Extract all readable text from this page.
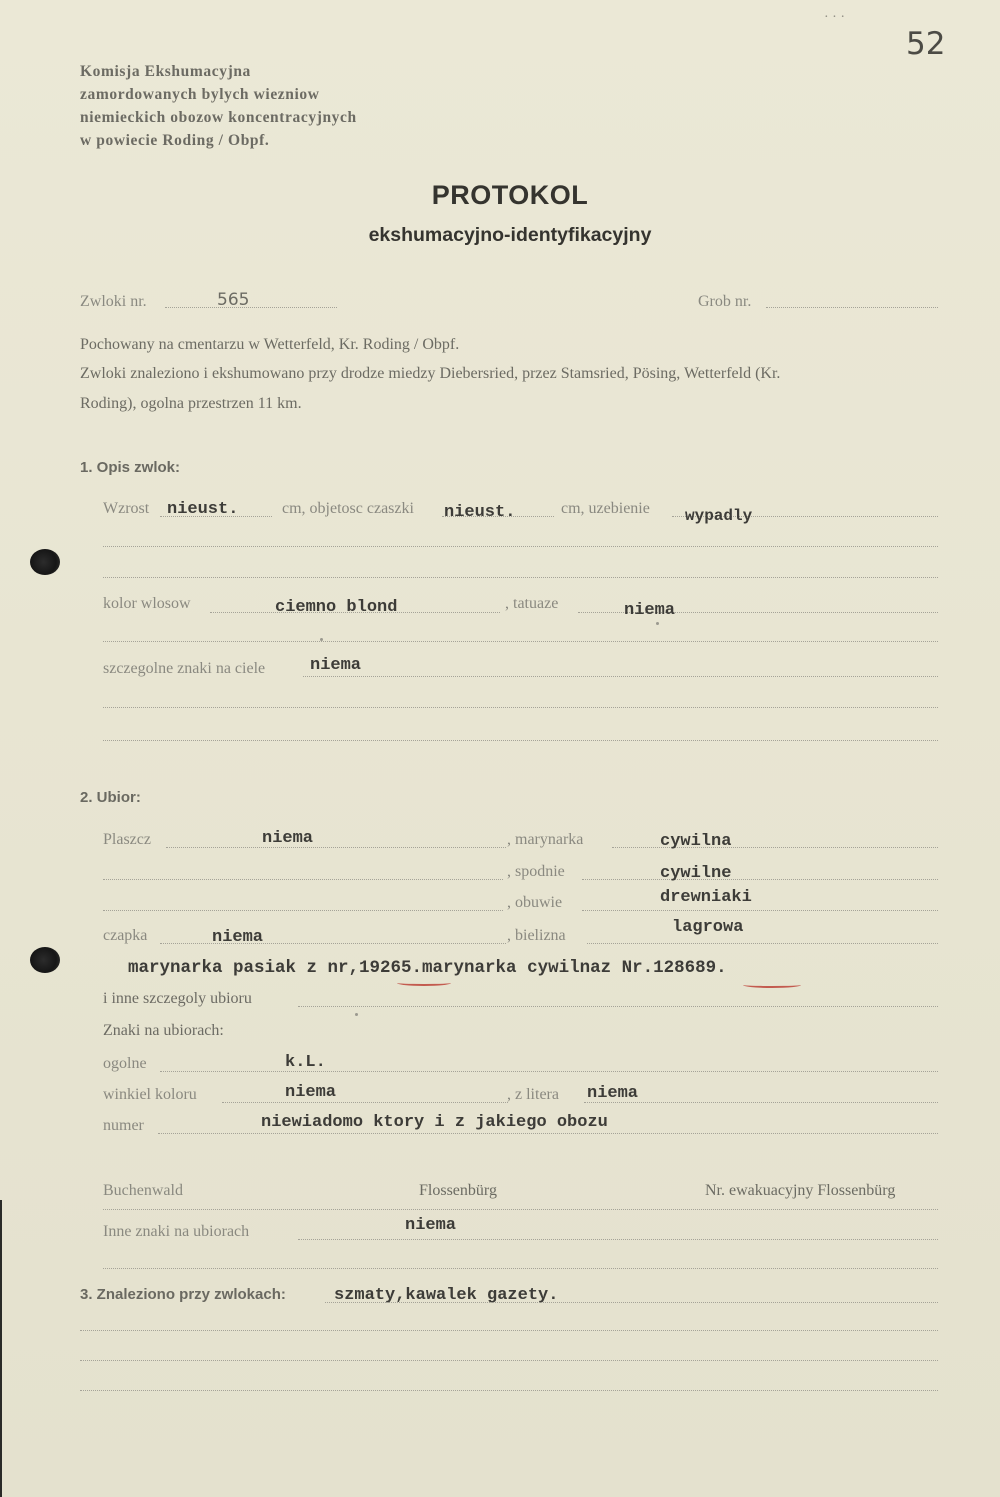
52
· · ·
Komisja Ekshumacyjna
zamordowanych bylych wiezniow
niemieckich obozow koncentracyjnych
w powiecie Roding / Obpf.
PROTOKOL
ekshumacyjno-identyfikacyjny
Zwloki nr.	565	Grob nr.
Pochowany na cmentarzu w Wetterfeld, Kr. Roding / Obpf.
Zwloki znaleziono i ekshumowano przy drodze miedzy Diebersried, przez Stamsried, Pösing, Wetterfeld (Kr.
Roding), ogolna przestrzen 11 km.
1. Opis zwlok:
Wzrost nieust.	cm, objetosc czaszki nieust.	cm, uzebienie wypadly
kolor wlosow	ciemno blond	, tatuaze	niema
szczegolne znaki na ciele	niema
2. Ubior:
Plaszcz	niema	, marynarka	cywilna
, spodnie	cywilne
, obuwie	drewniaki
czapka	niema	, bielizna	lagrowa
marynarka pasiak z nr,19265.marynarka cywilnaz Nr.128689.
i inne szczegoly ubioru
Znaki na ubiorach:
ogolne	k.L.
winkiel koloru	niema	, z litera niema
numer	niewiadomo ktory i z jakiego obozu
Buchenwald	Flossenbürg	Nr. ewakuacyjny Flossenbürg
Inne znaki na ubiorach	niema
3. Znaleziono przy zwlokach:	szmaty,kawalek gazety.
